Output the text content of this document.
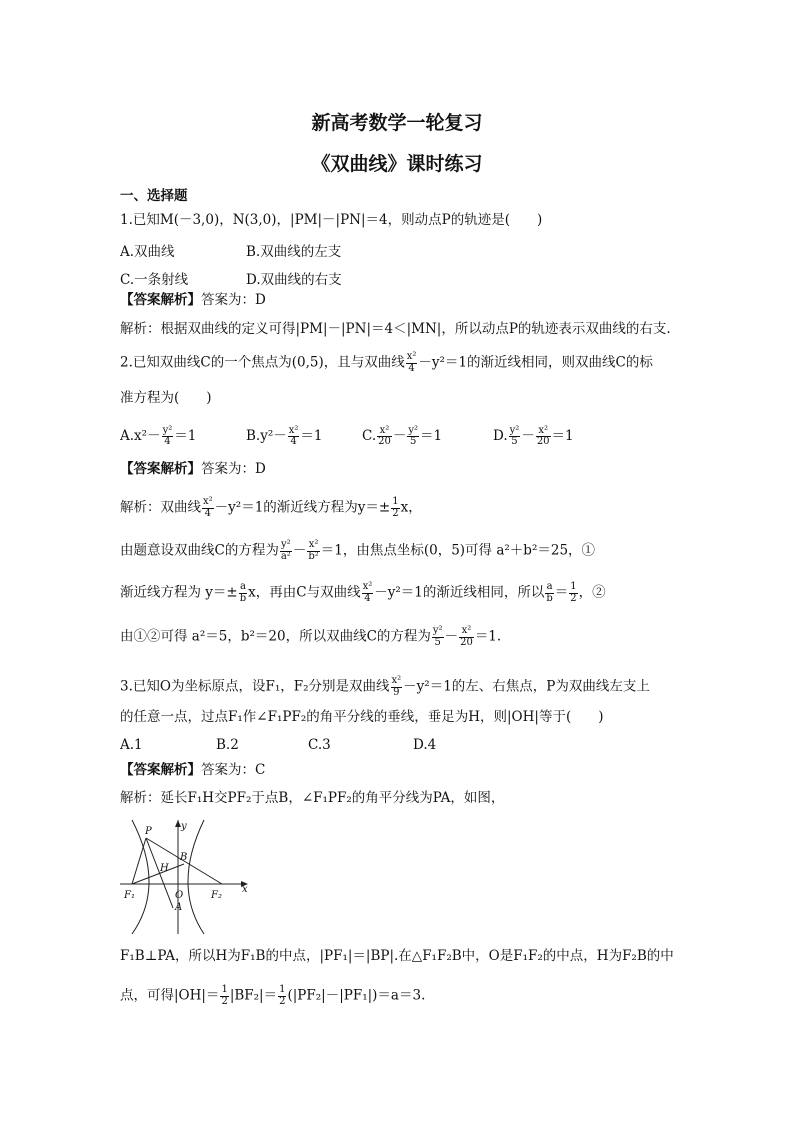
新高考数学一轮复习
《双曲线》课时练习
一、选择题
1.已知M(－3,0)，N(3,0)，|PM|－|PN|＝4，则动点P的轨迹是(　　)
A.双曲线	B.双曲线的左支
C.一条射线	D.双曲线的右支
【答案解析】答案为：D
解析：根据双曲线的定义可得|PM|－|PN|＝4＜|MN|，所以动点P的轨迹表示双曲线的右支.
2.已知双曲线C的一个焦点为(0,5)，且与双曲线 $\frac{\text{x²}}{4} -y^2=1$的渐近线相同，则双曲线C的标
准方程为(　　)
$A.x^2- \frac{\text{y²}}{4} =1$	$B.y^2- \frac{\text{x²}}{4} =1$	C. $\frac{\text{x²}}{20} - \frac{\text{y²}}{5} =1$	D. $\frac{\text{y²}}{5} - \frac{\text{x²}}{20} =1$
【答案解析】答案为：D
解析：双曲线 $\frac{\text{x²}}{4} -y^2=1$的渐近线方程为$y=\pm \frac{1}{2}$ x，
由题意设双曲线C的方程为 $\frac{\text{y²}}{\text{a²}} - \frac{\text{x²}}{\text{b²}} =1$，由焦点坐标(0，5)可得 a²＋b²＝25，①
渐近线方程为 $y=\pm \frac{a}{b}$ x，再由C与双曲线 $\frac{\text{x²}}{4} -y^2=1$的渐近线相同，所以 $\frac{a}{b} = \frac{1}{2}$ ，②
由①②可得 a²＝5，b²＝20，所以双曲线C的方程为 $\frac{\text{y²}}{5} - \frac{\text{x²}}{20} =1$.
3.已知O为坐标原点，设F₁，F₂分别是双曲线 $\frac{\text{x²}}{9} -y^2=1$的左、右焦点，P为双曲线左支上
的任意一点，过点F₁作∠F₁PF₂的角平分线的垂线，垂足为H，则|OH|等于(　　)
A.1	B.2	C.3	D.4
【答案解析】答案为：C
解析：延长F₁H交PF₂于点B，∠F₁PF₂的角平分线为PA，如图，
P	y
B
H
F₁	O
A
F₂
x
F₁B⊥PA，所以H为F₁B的中点，|PF₁|＝|BP|.在△F₁F₂B中，O是F₁F₂的中点，H为F₂B的中
点，可得$|OH|= \frac{1}{2} |BF_2|= \frac{1}{2} (|PF_2|-|PF_1|)=a=3$.
